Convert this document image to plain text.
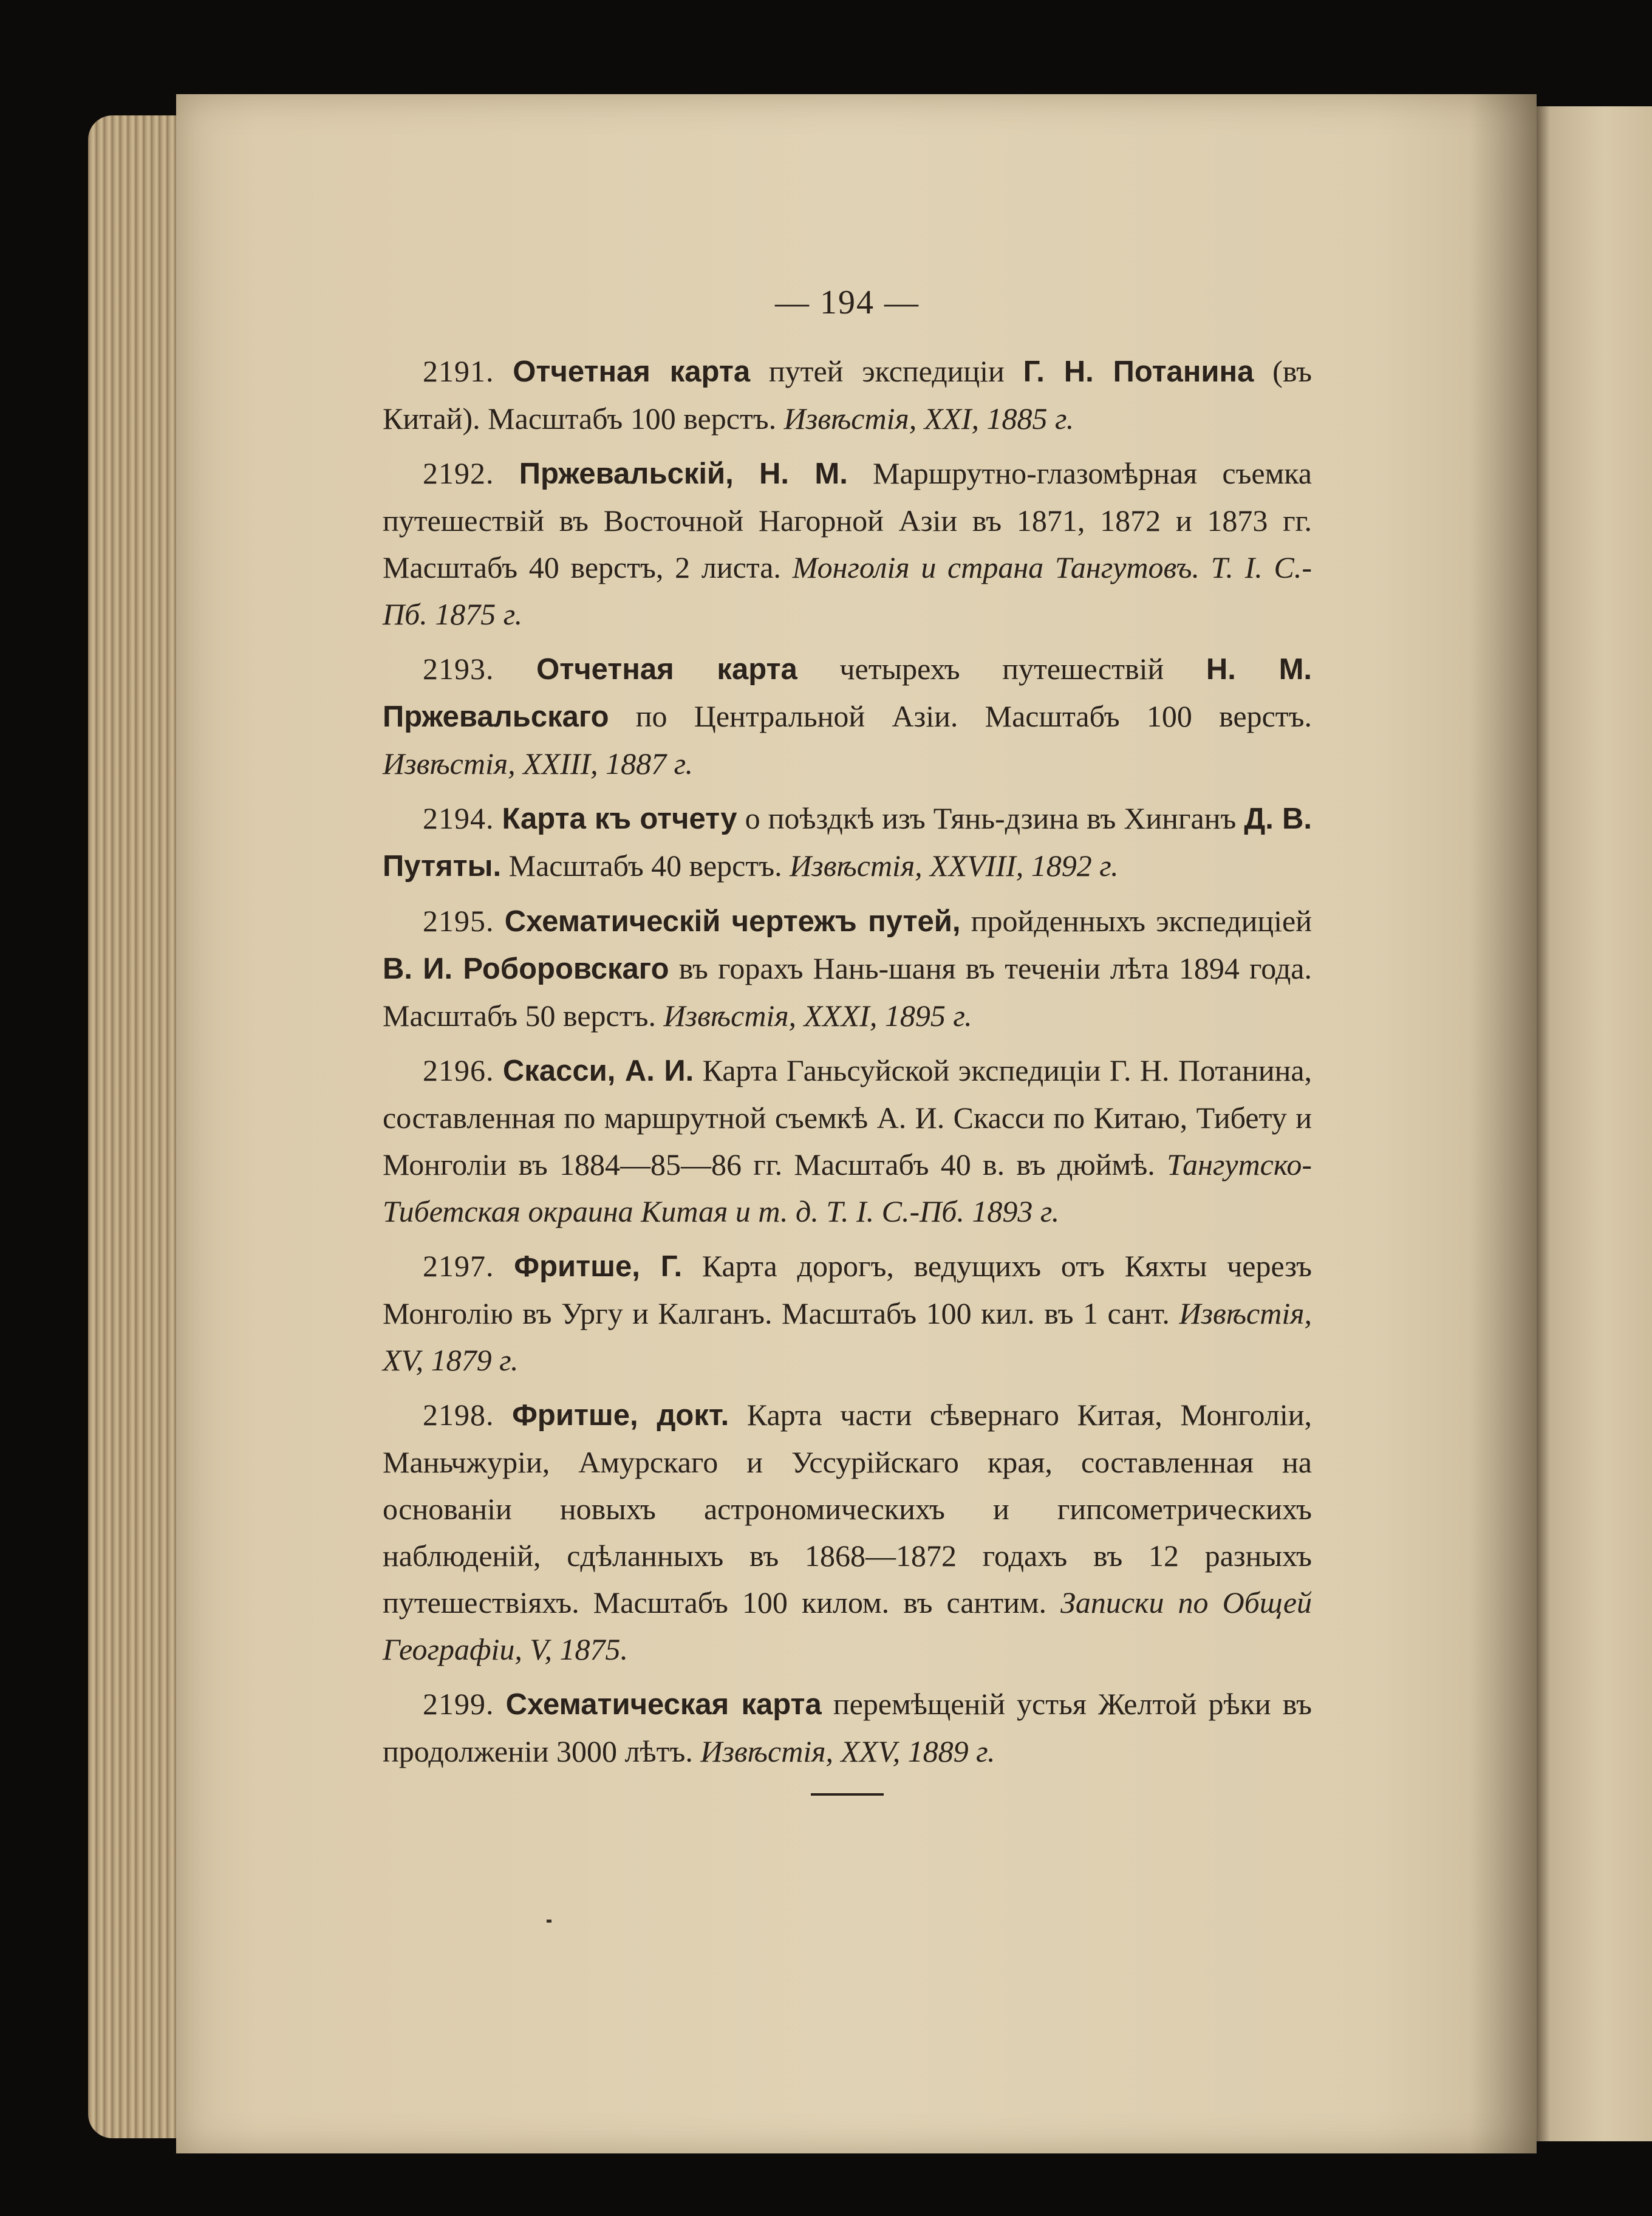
— 194 —

2191. Отчетная карта путей экспедиціи Г. Н. Потанина (въ Китай). Масштабъ 100 верстъ. Извѣстія, XXI, 1885 г.

2192. Пржевальскій, Н. М. Маршрутно-глазомѣрная съемка путешествій въ Восточной Нагорной Азіи въ 1871, 1872 и 1873 гг. Масштабъ 40 верстъ, 2 листа. Монголія и страна Тангутовъ. Т. І. С.-Пб. 1875 г.

2193. Отчетная карта четырехъ путешествій Н. М. Пржевальскаго по Центральной Азіи. Масштабъ 100 верстъ. Извѣстія, XXIII, 1887 г.

2194. Карта къ отчету о поѣздкѣ изъ Тянь-дзина въ Хинганъ Д. В. Путяты. Масштабъ 40 верстъ. Извѣстія, XXVIII, 1892 г.

2195. Схематическій чертежъ путей, пройденныхъ экспедиціей В. И. Роборовскаго въ горахъ Нань-шаня въ теченіи лѣта 1894 года. Масштабъ 50 верстъ. Извѣстія, XXXI, 1895 г.

2196. Скасси, А. И. Карта Ганьсуйской экспедиціи Г. Н. Потанина, составленная по маршрутной съемкѣ А. И. Скасси по Китаю, Тибету и Монголіи въ 1884—85—86 гг. Масштабъ 40 в. въ дюймѣ. Тангутско-Тибетская окраина Китая и т. д. Т. I. С.-Пб. 1893 г.

2197. Фритше, Г. Карта дорогъ, ведущихъ отъ Кяхты черезъ Монголію въ Ургу и Калганъ. Масштабъ 100 кил. въ 1 сант. Извѣстія, XV, 1879 г.

2198. Фритше, докт. Карта части сѣвернаго Китая, Монголіи, Маньчжуріи, Амурскаго и Уссурійскаго края, составленная на основаніи новыхъ астрономическихъ и гипсометрическихъ наблюденій, сдѣланныхъ въ 1868—1872 годахъ въ 12 разныхъ путешествіяхъ. Масштабъ 100 килом. въ сантим. Записки по Общей Географіи, V, 1875.

2199. Схематическая карта перемѣщеній устья Желтой рѣки въ продолженіи 3000 лѣтъ. Извѣстія, XXV, 1889 г.
